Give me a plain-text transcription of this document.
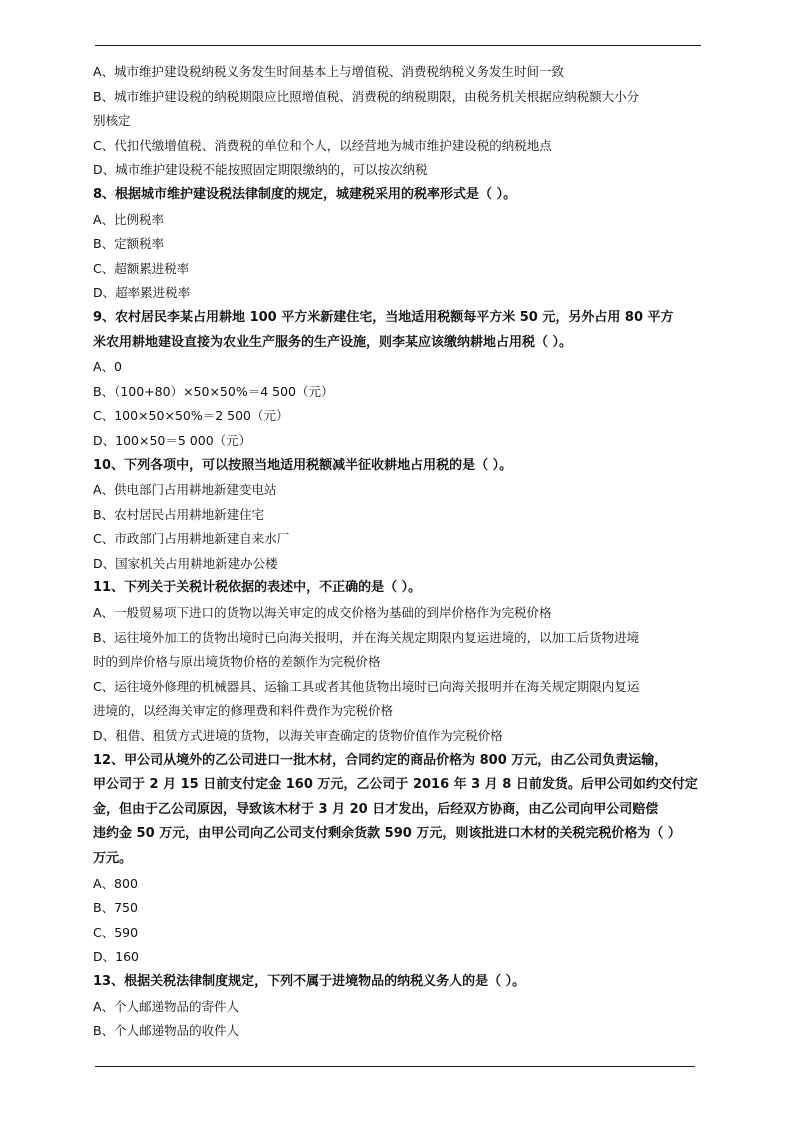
A、城市维护建设税纳税义务发生时间基本上与增值税、消费税纳税义务发生时间一致
B、城市维护建设税的纳税期限应比照增值税、消费税的纳税期限，由税务机关根据应纳税额大小分
别核定
C、代扣代缴增值税、消费税的单位和个人，以经营地为城市维护建设税的纳税地点
D、城市维护建设税不能按照固定期限缴纳的，可以按次纳税
8、根据城市维护建设税法律制度的规定，城建税采用的税率形式是（ ）。
A、比例税率
B、定额税率
C、超额累进税率
D、超率累进税率
9、农村居民李某占用耕地 100 平方米新建住宅，当地适用税额每平方米 50 元，另外占用 80 平方
米农用耕地建设直接为农业生产服务的生产设施，则李某应该缴纳耕地占用税（ ）。
A、0
B、（100+80）×50×50%＝4 500（元）
C、100×50×50%＝2 500（元）
D、100×50＝5 000（元）
10、下列各项中，可以按照当地适用税额减半征收耕地占用税的是（ ）。
A、供电部门占用耕地新建变电站
B、农村居民占用耕地新建住宅
C、市政部门占用耕地新建自来水厂
D、国家机关占用耕地新建办公楼
11、下列关于关税计税依据的表述中，不正确的是（ ）。
A、一般贸易项下进口的货物以海关审定的成交价格为基础的到岸价格作为完税价格
B、运往境外加工的货物出境时已向海关报明，并在海关规定期限内复运进境的，以加工后货物进境
时的到岸价格与原出境货物价格的差额作为完税价格
C、运往境外修理的机械器具、运输工具或者其他货物出境时已向海关报明并在海关规定期限内复运
进境的，以经海关审定的修理费和料件费作为完税价格
D、租借、租赁方式进境的货物，以海关审查确定的货物价值作为完税价格
12、甲公司从境外的乙公司进口一批木材，合同约定的商品价格为 800 万元，由乙公司负责运输，
甲公司于 2 月 15 日前支付定金 160 万元，乙公司于 2016 年 3 月 8 日前发货。后甲公司如约交付定
金，但由于乙公司原因，导致该木材于 3 月 20 日才发出，后经双方协商，由乙公司向甲公司赔偿
违约金 50 万元，由甲公司向乙公司支付剩余货款 590 万元，则该批进口木材的关税完税价格为（ ）
万元。
A、800
B、750
C、590
D、160
13、根据关税法律制度规定，下列不属于进境物品的纳税义务人的是（ ）。
A、个人邮递物品的寄件人
B、个人邮递物品的收件人
